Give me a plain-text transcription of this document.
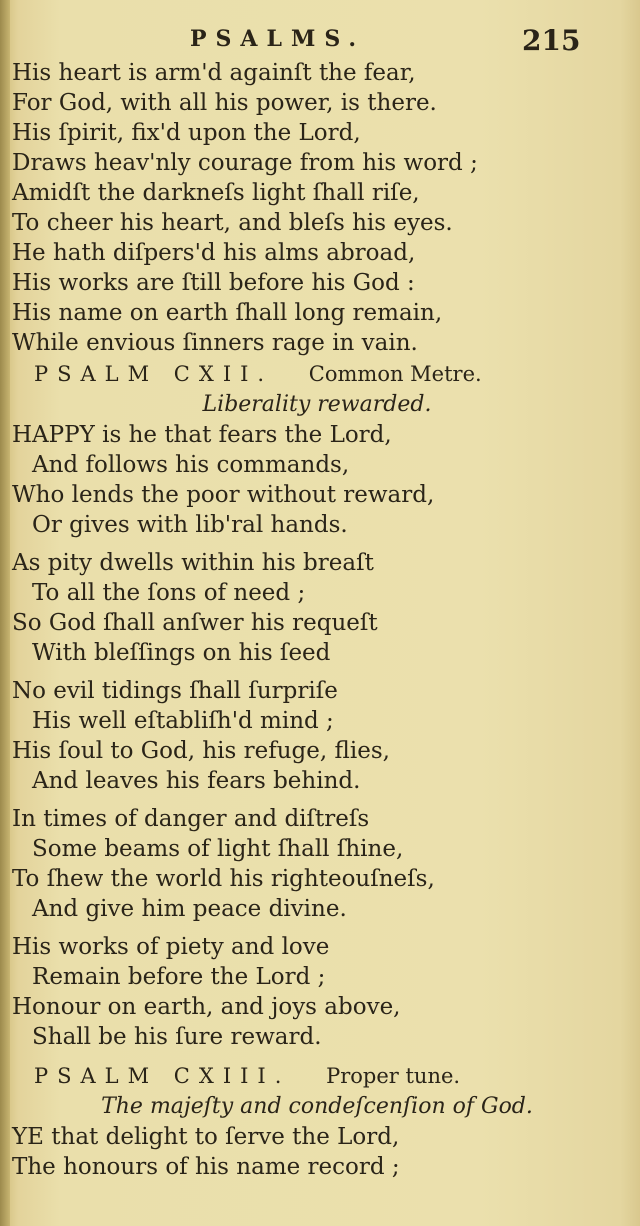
PSALMS.	215
His heart is arm'd againſt the fear,
For God, with all his power, is there.
His ſpirit, fix'd upon the Lord,
Draws heav'nly courage from his word ;
Amidſt the darkneſs light ſhall riſe,
To cheer his heart, and bleſs his eyes.
He hath diſpers'd his alms abroad,
His works are ſtill before his God :
His name on earth ſhall long remain,
While envious ſinners rage in vain.
PSALM CXII. Common Metre.
Liberality rewarded.
HAPPY is he that fears the Lord,
And follows his commands,
Who lends the poor without reward,
Or gives with lib'ral hands.
As pity dwells within his breaſt
To all the ſons of need ;
So God ſhall anſwer his requeſt
With bleſſings on his ſeed
No evil tidings ſhall ſurpriſe
His well eſtabliſh'd mind ;
His ſoul to God, his refuge, flies,
And leaves his fears behind.
In times of danger and diſtreſs
Some beams of light ſhall ſhine,
To ſhew the world his righteouſneſs,
And give him peace divine.
His works of piety and love
Remain before the Lord ;
Honour on earth, and joys above,
Shall be his ſure reward.
PSALM CXIII. Proper tune.
The majeſty and condeſcenſion of God.
YE that delight to ſerve the Lord,
The honours of his name record ;
